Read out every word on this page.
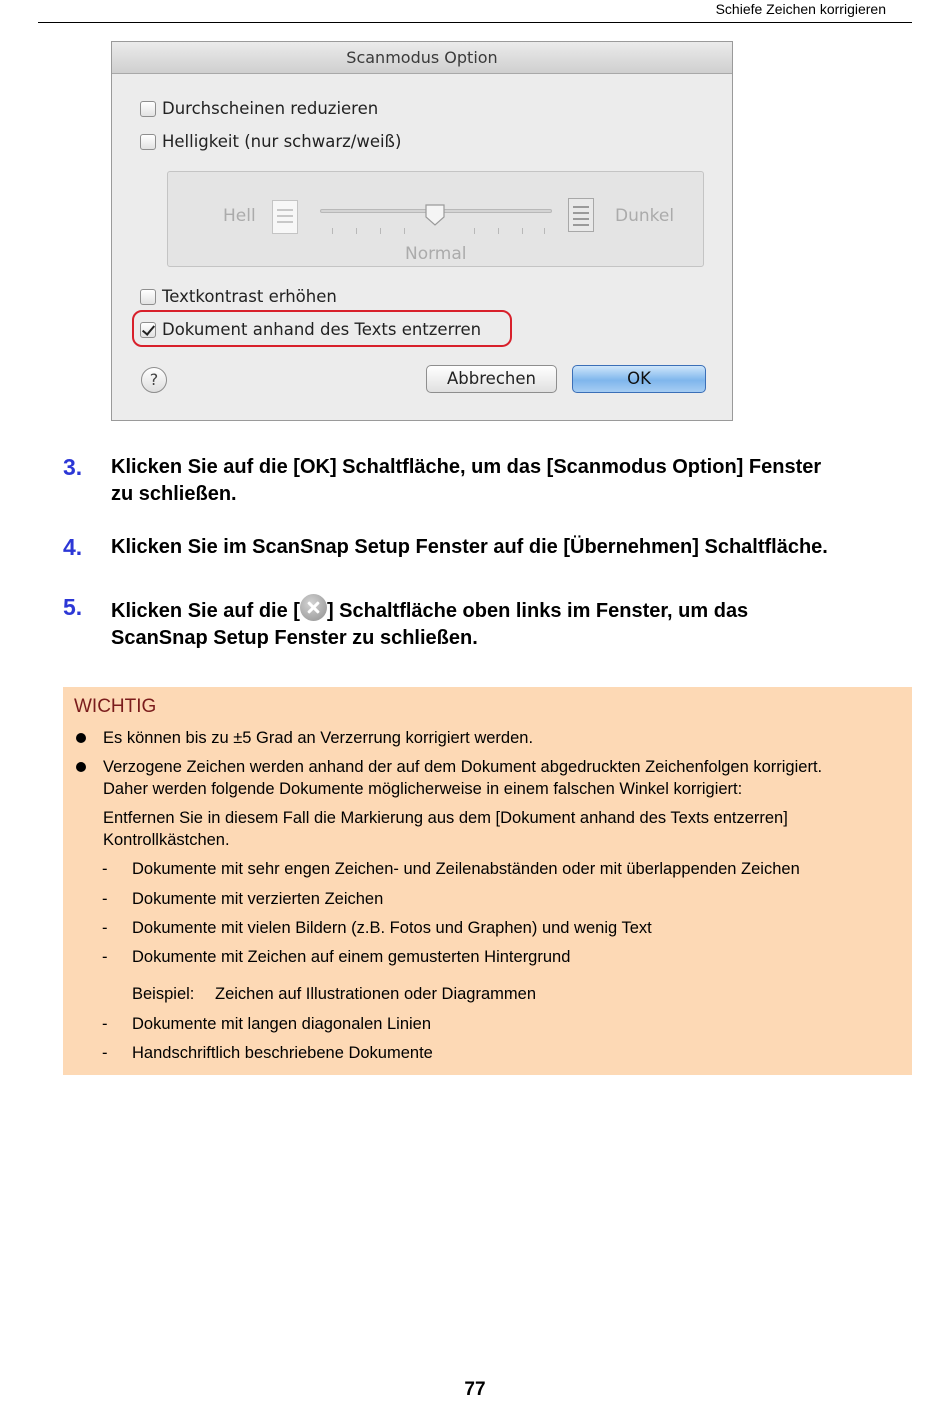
Schiefe Zeichen korrigieren
Scanmodus Option
Durchscheinen reduzieren
Helligkeit (nur schwarz/weiß)
Hell	Dunkel
Normal
Textkontrast erhöhen
Dokument anhand des Texts entzerren
?	Abbrechen	OK
3.	Klicken Sie auf die [OK] Schaltfläche, um das [Scanmodus Option] Fenster
zu schließen.
4.	Klicken Sie im ScanSnap Setup Fenster auf die [Übernehmen] Schaltfläche.
5.	Klicken Sie auf die [ ] Schaltfläche oben links im Fenster, um das
ScanSnap Setup Fenster zu schließen.
WICHTIG
Es können bis zu ±5 Grad an Verzerrung korrigiert werden.
Verzogene Zeichen werden anhand der auf dem Dokument abgedruckten Zeichenfolgen korrigiert.
Daher werden folgende Dokumente möglicherweise in einem falschen Winkel korrigiert:
Entfernen Sie in diesem Fall die Markierung aus dem [Dokument anhand des Texts entzerren]
Kontrollkästchen.
- Dokumente mit sehr engen Zeichen- und Zeilenabständen oder mit überlappenden Zeichen
- Dokumente mit verzierten Zeichen
- Dokumente mit vielen Bildern (z.B. Fotos und Graphen) und wenig Text
- Dokumente mit Zeichen auf einem gemusterten Hintergrund
Beispiel: Zeichen auf Illustrationen oder Diagrammen
- Dokumente mit langen diagonalen Linien
- Handschriftlich beschriebene Dokumente
77
